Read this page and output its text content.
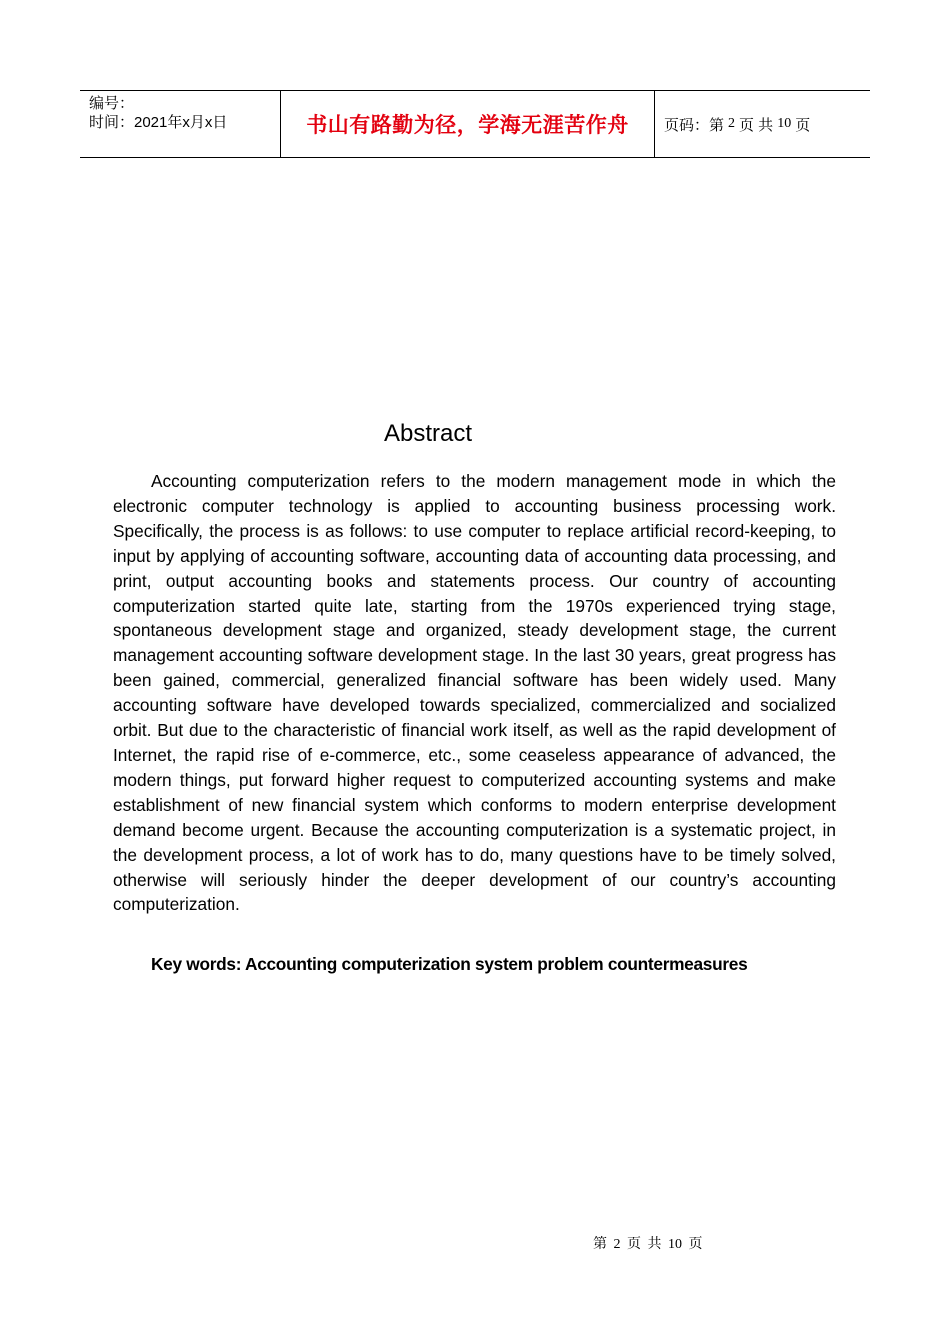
编号：
时间：2021年x月x日	书山有路勤为径，学海无涯苦作舟 页码：第 2 页 共 10 页
Abstract

Accounting computerization refers to the modern management mode in which the electronic computer technology is applied to accounting business processing work. Specifically, the process is as follows: to use computer to replace artificial record-keeping, to input by applying of accounting software, accounting data of accounting data processing, and print, output accounting books and statements process. Our country of accounting computerization started quite late, starting from the 1970s experienced trying stage, spontaneous development stage and organized, steady development stage, the current management accounting software development stage. In the last 30 years, great progress has been gained, commercial, generalized financial software has been widely used. Many accounting software have developed towards specialized, commercialized and socialized orbit. But due to the characteristic of financial work itself, as well as the rapid development of Internet, the rapid rise of e-commerce, etc., some ceaseless appearance of advanced, the modern things, put forward higher request to computerized accounting systems and make establishment of new financial system which conforms to modern enterprise development demand become urgent. Because the accounting computerization is a systematic project, in the development process, a lot of work has to do, many questions have to be timely solved, otherwise will seriously hinder the deeper development of our country’s accounting computerization.

Key words: Accounting computerization system problem countermeasures
第 2 页 共 10 页
